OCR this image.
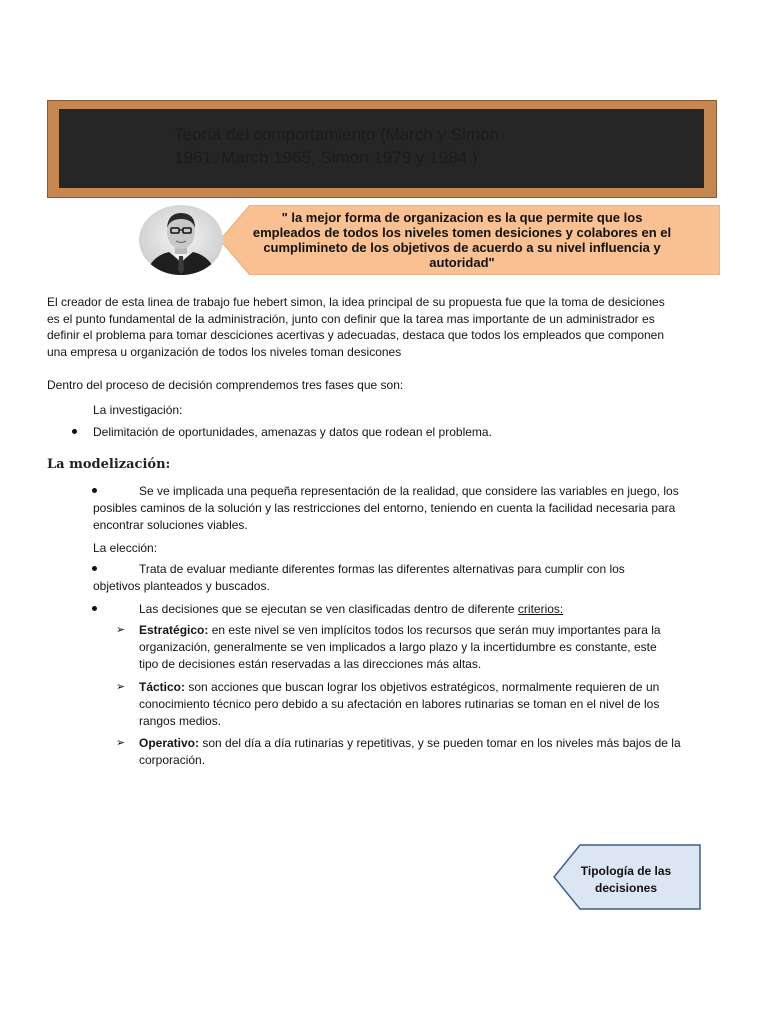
Teoría del comportamiento (March y Simon
1961, March 1965, Simon 1979 y 1984 )
" la mejor forma de organizacion es la que permite que los
empleados de todos los niveles tomen desiciones y colabores en el
cumplimineto de los objetivos de acuerdo a su nivel influencia y
autoridad"
El creador de esta linea de trabajo fue hebert simon, la idea principal de su propuesta fue que la toma de desiciones
es el punto fundamental de la administración, junto con definir que la tarea mas importante de un administrador es
definir el problema para tomar desciciones acertivas y adecuadas, destaca que todos los empleados que componen
una empresa u organización de todos los niveles toman desicones
Dentro del proceso de decisión comprendemos tres fases que son:
La investigación:
Delimitación de oportunidades, amenazas y datos que rodean el problema.
La modelización:
Se ve implicada una pequeña representación de la realidad, que considere las variables en juego, los
posibles caminos de la solución y las restricciones del entorno, teniendo en cuenta la facilidad necesaria para
encontrar soluciones viables.
La elección:
Trata de evaluar mediante diferentes formas las diferentes alternativas para cumplir con los
objetivos planteados y buscados.
Las decisiones que se ejecutan se ven clasificadas dentro de diferente criterios:
➢ Estratégico: en este nivel se ven implícitos todos los recursos que serán muy importantes para la
organización, generalmente se ven implicados a largo plazo y la incertidumbre es constante, este
tipo de decisiones están reservadas a las direcciones más altas.
➢ Táctico: son acciones que buscan lograr los objetivos estratégicos, normalmente requieren de un
conocimiento técnico pero debido a su afectación en labores rutinarias se toman en el nivel de los
rangos medios.
➢ Operativo: son del día a día rutinarias y repetitivas, y se pueden tomar en los niveles más bajos de la
corporación.
Tipología de las
decisiones
